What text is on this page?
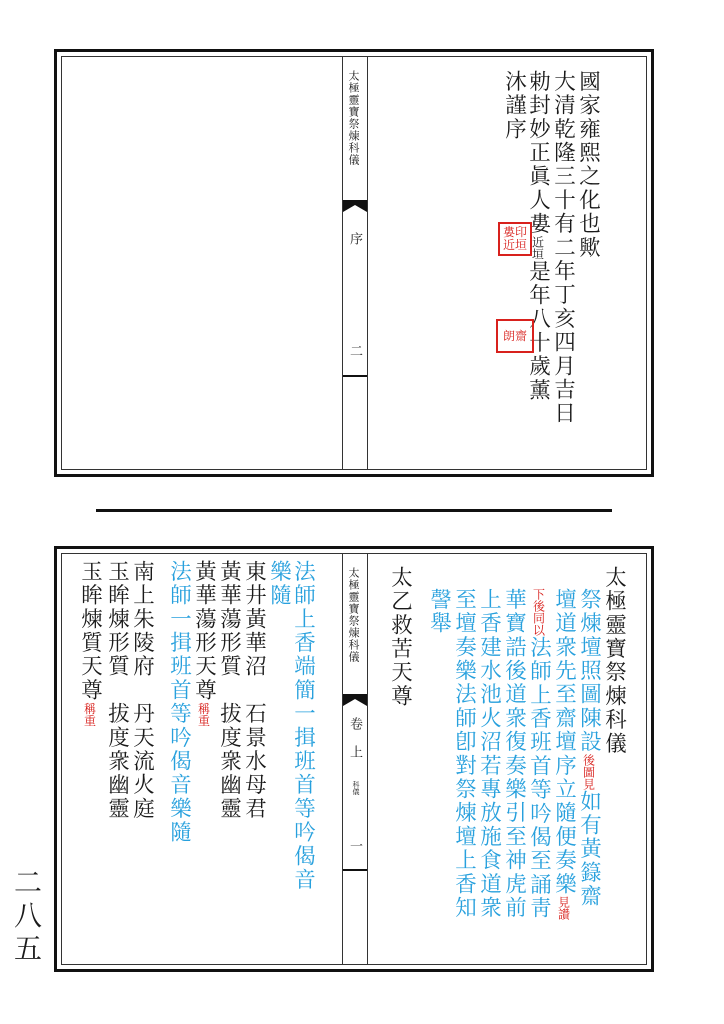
太極靈寶祭煉科儀
序
二
國家雍熙之化也歟
大清乾隆三十有二年丁亥四月吉日
勅封妙正眞人婁近垣是年八十歲薰
沐謹序
婁印近垣
朗齋
太極靈寶祭煉科儀
卷
上
科儀
一
太極靈寶祭煉科儀
祭煉壇照圖陳設後圖見如有黃籙齋
壇道衆先至齋壇序立隨便奏樂見讚
下後同以法師上香班首等吟偈至誦靑
華寶誥後道衆復奏樂引至神虎前
上香建水池火沼若專放施食道衆
至壇奏樂法師卽對祭煉壇上香知
謦舉
太乙救苦天尊
法師上香端簡一揖班首等吟偈音
樂隨
東井黃華沼　石景水母君
黃華蕩形質　拔度衆幽靈
黃華蕩形天尊稱重
法師一揖班首等吟偈音樂隨
南上朱陵府　丹天流火庭
玉眸煉形質　拔度衆幽靈
玉眸煉質天尊稱重
二
八
五
